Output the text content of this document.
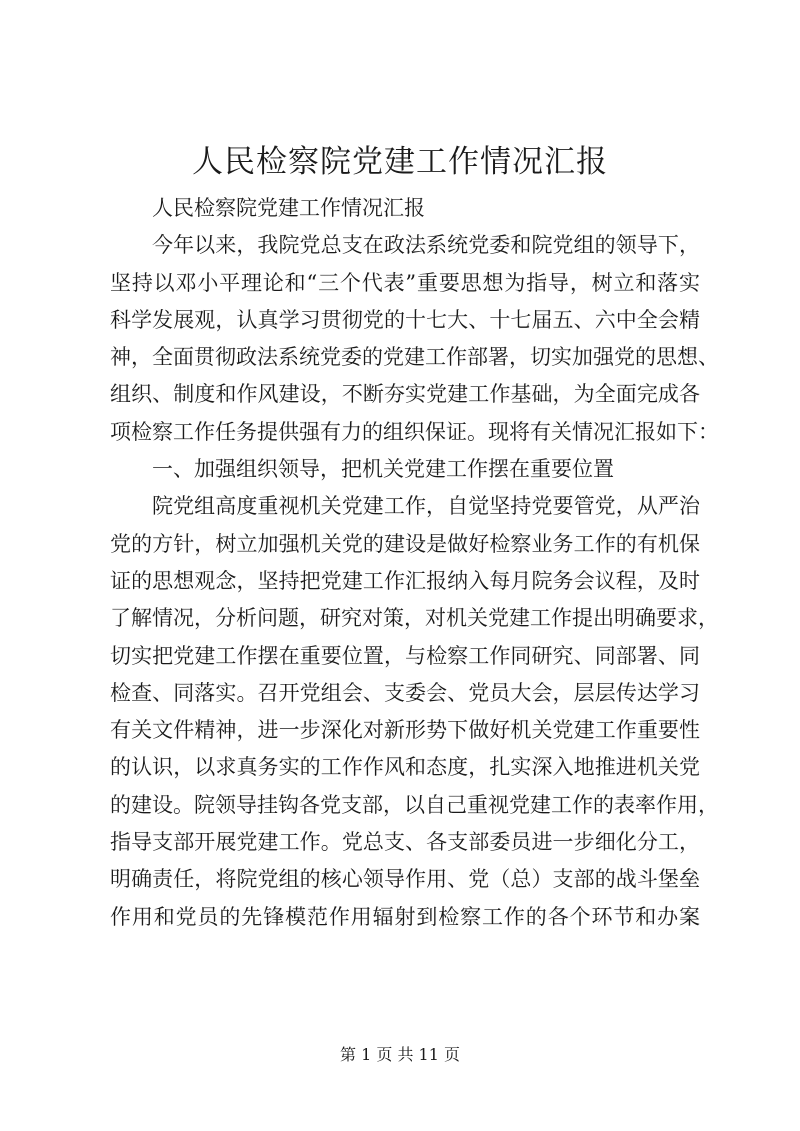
人民检察院党建工作情况汇报
人民检察院党建工作情况汇报
今年以来，我院党总支在政法系统党委和院党组的领导下，
坚持以邓小平理论和“三个代表”重要思想为指导，树立和落实
科学发展观，认真学习贯彻党的十七大、十七届五、六中全会精
神，全面贯彻政法系统党委的党建工作部署，切实加强党的思想、
组织、制度和作风建设，不断夯实党建工作基础，为全面完成各
项检察工作任务提供强有力的组织保证。现将有关情况汇报如下：
一、加强组织领导，把机关党建工作摆在重要位置
院党组高度重视机关党建工作，自觉坚持党要管党，从严治
党的方针，树立加强机关党的建设是做好检察业务工作的有机保
证的思想观念，坚持把党建工作汇报纳入每月院务会议程，及时
了解情况，分析问题，研究对策，对机关党建工作提出明确要求，
切实把党建工作摆在重要位置，与检察工作同研究、同部署、同
检查、同落实。召开党组会、支委会、党员大会，层层传达学习
有关文件精神，进一步深化对新形势下做好机关党建工作重要性
的认识，以求真务实的工作作风和态度，扎实深入地推进机关党
的建设。院领导挂钩各党支部，以自己重视党建工作的表率作用，
指导支部开展党建工作。党总支、各支部委员进一步细化分工，
明确责任，将院党组的核心领导作用、党（总）支部的战斗堡垒
作用和党员的先锋模范作用辐射到检察工作的各个环节和办案
第 1 页 共 11 页
